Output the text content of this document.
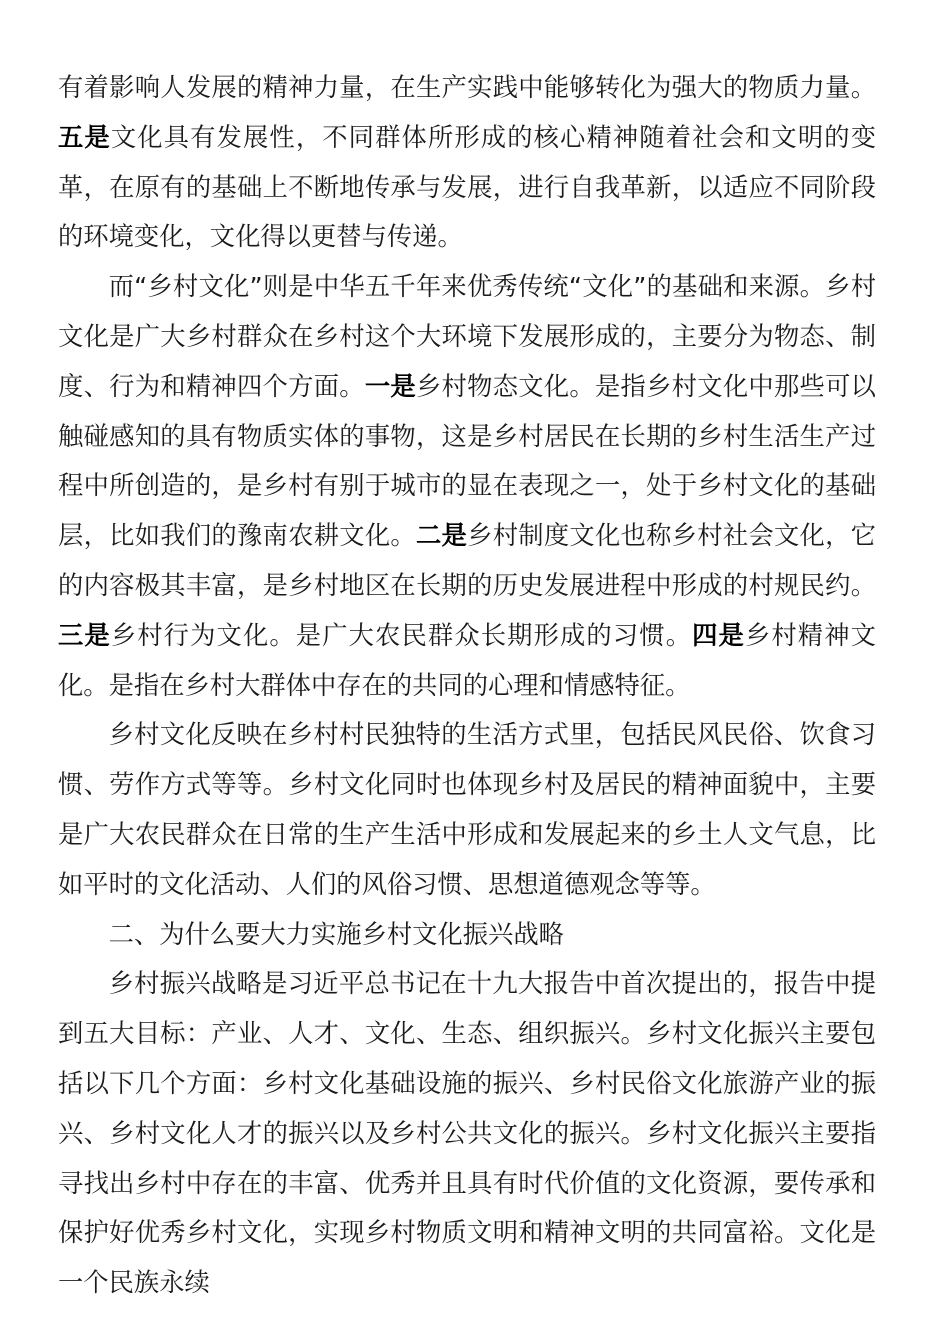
有着影响人发展的精神力量，在生产实践中能够转化为强大的物质力量。五是文化具有发展性，不同群体所形成的核心精神随着社会和文明的变革，在原有的基础上不断地传承与发展，进行自我革新，以适应不同阶段的环境变化，文化得以更替与传递。

而“乡村文化”则是中华五千年来优秀传统“文化”的基础和来源。乡村文化是广大乡村群众在乡村这个大环境下发展形成的，主要分为物态、制度、行为和精神四个方面。一是乡村物态文化。是指乡村文化中那些可以触碰感知的具有物质实体的事物，这是乡村居民在长期的乡村生活生产过程中所创造的，是乡村有别于城市的显在表现之一，处于乡村文化的基础层，比如我们的豫南农耕文化。二是乡村制度文化也称乡村社会文化，它的内容极其丰富，是乡村地区在长期的历史发展进程中形成的村规民约。三是乡村行为文化。是广大农民群众长期形成的习惯。四是乡村精神文化。是指在乡村大群体中存在的共同的心理和情感特征。

乡村文化反映在乡村村民独特的生活方式里，包括民风民俗、饮食习惯、劳作方式等等。乡村文化同时也体现乡村及居民的精神面貌中，主要是广大农民群众在日常的生产生活中形成和发展起来的乡土人文气息，比如平时的文化活动、人们的风俗习惯、思想道德观念等等。

二、为什么要大力实施乡村文化振兴战略

乡村振兴战略是习近平总书记在十九大报告中首次提出的，报告中提到五大目标：产业、人才、文化、生态、组织振兴。乡村文化振兴主要包括以下几个方面：乡村文化基础设施的振兴、乡村民俗文化旅游产业的振兴、乡村文化人才的振兴以及乡村公共文化的振兴。乡村文化振兴主要指寻找出乡村中存在的丰富、优秀并且具有时代价值的文化资源，要传承和保护好优秀乡村文化，实现乡村物质文明和精神文明的共同富裕。文化是一个民族永续
